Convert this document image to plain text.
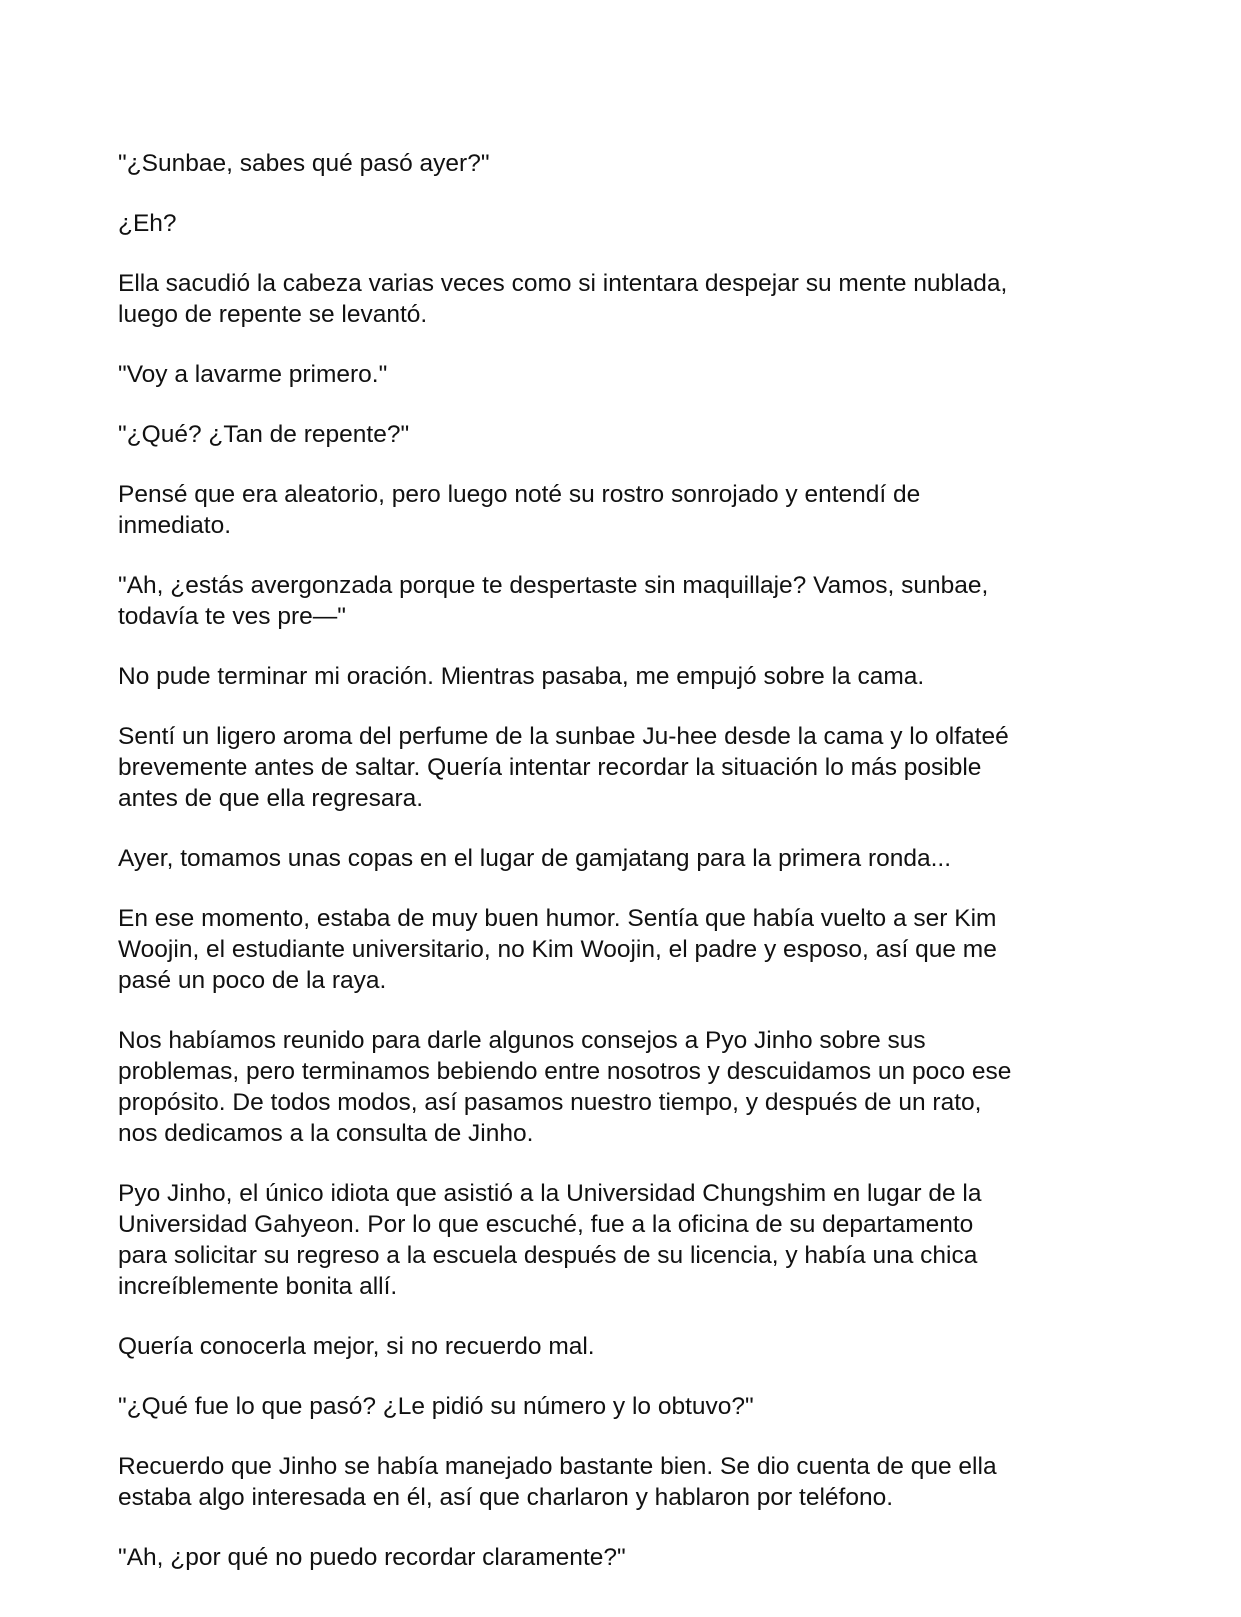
"¿Sunbae, sabes qué pasó ayer?"

¿Eh?

Ella sacudió la cabeza varias veces como si intentara despejar su mente nublada,
luego de repente se levantó.

"Voy a lavarme primero."

"¿Qué? ¿Tan de repente?"

Pensé que era aleatorio, pero luego noté su rostro sonrojado y entendí de
inmediato.

"Ah, ¿estás avergonzada porque te despertaste sin maquillaje? Vamos, sunbae,
todavía te ves pre—"

No pude terminar mi oración. Mientras pasaba, me empujó sobre la cama.

Sentí un ligero aroma del perfume de la sunbae Ju-hee desde la cama y lo olfateé
brevemente antes de saltar. Quería intentar recordar la situación lo más posible
antes de que ella regresara.

Ayer, tomamos unas copas en el lugar de gamjatang para la primera ronda...

En ese momento, estaba de muy buen humor. Sentía que había vuelto a ser Kim
Woojin, el estudiante universitario, no Kim Woojin, el padre y esposo, así que me
pasé un poco de la raya.

Nos habíamos reunido para darle algunos consejos a Pyo Jinho sobre sus
problemas, pero terminamos bebiendo entre nosotros y descuidamos un poco ese
propósito. De todos modos, así pasamos nuestro tiempo, y después de un rato,
nos dedicamos a la consulta de Jinho.

Pyo Jinho, el único idiota que asistió a la Universidad Chungshim en lugar de la
Universidad Gahyeon. Por lo que escuché, fue a la oficina de su departamento
para solicitar su regreso a la escuela después de su licencia, y había una chica
increíblemente bonita allí.

Quería conocerla mejor, si no recuerdo mal.

"¿Qué fue lo que pasó? ¿Le pidió su número y lo obtuvo?"

Recuerdo que Jinho se había manejado bastante bien. Se dio cuenta de que ella
estaba algo interesada en él, así que charlaron y hablaron por teléfono.

"Ah, ¿por qué no puedo recordar claramente?"
